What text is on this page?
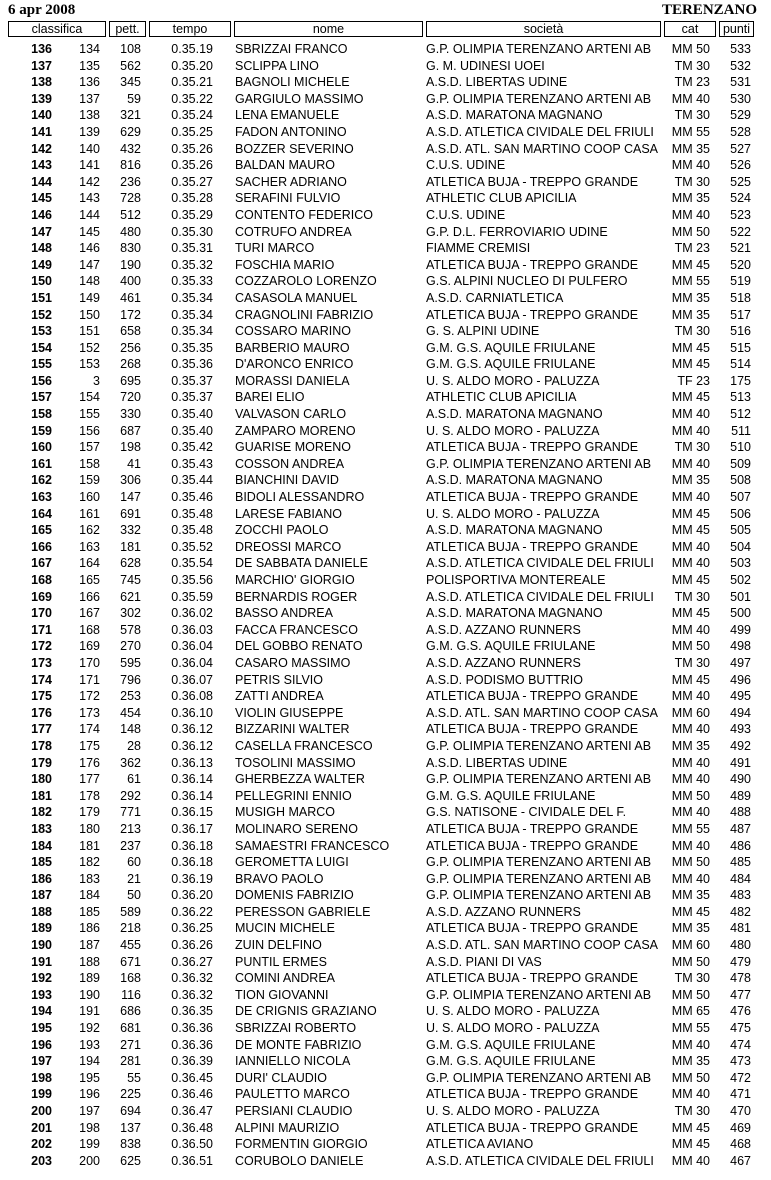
6 apr 2008	TERENZANO
classifica	pett.	tempo	nome	società	cat	punti
136	134	108	0.35.19 SBRIZZAI FRANCO	G.P. OLIMPIA TERENZANO ARTENI AB	MM 50	533
137	135	562	0.35.20 SCLIPPA LINO	G. M. UDINESI UOEI	TM 30	532
138	136	345	0.35.21 BAGNOLI MICHELE	A.S.D. LIBERTAS UDINE	TM 23	531
139	137	59	0.35.22 GARGIULO MASSIMO	G.P. OLIMPIA TERENZANO ARTENI AB	MM 40	530
140	138	321	0.35.24 LENA EMANUELE	A.S.D. MARATONA MAGNANO	TM 30	529
141	139	629	0.35.25 FADON ANTONINO	A.S.D. ATLETICA CIVIDALE DEL FRIULI	MM 55	528
142	140	432	0.35.26 BOZZER SEVERINO	A.S.D. ATL. SAN MARTINO COOP CASA	MM 35	527
143	141	816	0.35.26 BALDAN MAURO	C.U.S. UDINE	MM 40	526
144	142	236	0.35.27 SACHER ADRIANO	ATLETICA BUJA - TREPPO GRANDE	TM 30	525
145	143	728	0.35.28 SERAFINI FULVIO	ATHLETIC CLUB APICILIA	MM 35	524
146	144	512	0.35.29 CONTENTO FEDERICO	C.U.S. UDINE	MM 40	523
147	145	480	0.35.30 COTRUFO ANDREA	G.P. D.L. FERROVIARIO UDINE	MM 50	522
148	146	830	0.35.31 TURI MARCO	FIAMME CREMISI	TM 23	521
149	147	190	0.35.32 FOSCHIA MARIO	ATLETICA BUJA - TREPPO GRANDE	MM 45	520
150	148	400	0.35.33 COZZAROLO LORENZO	G.S. ALPINI NUCLEO DI PULFERO	MM 55	519
151	149	461	0.35.34 CASASOLA MANUEL	A.S.D. CARNIATLETICA	MM 35	518
152	150	172	0.35.34 CRAGNOLINI FABRIZIO	ATLETICA BUJA - TREPPO GRANDE	MM 35	517
153	151	658	0.35.34 COSSARO MARINO	G. S. ALPINI UDINE	TM 30	516
154	152	256	0.35.35 BARBERIO MAURO	G.M. G.S. AQUILE FRIULANE	MM 45	515
155	153	268	0.35.36 D'ARONCO ENRICO	G.M. G.S. AQUILE FRIULANE	MM 45	514
156	3	695	0.35.37 MORASSI DANIELA	U. S. ALDO MORO - PALUZZA	TF 23	175
157	154	720	0.35.37 BAREI ELIO	ATHLETIC CLUB APICILIA	MM 45	513
158	155	330	0.35.40 VALVASON CARLO	A.S.D. MARATONA MAGNANO	MM 40	512
159	156	687	0.35.40 ZAMPARO MORENO	U. S. ALDO MORO - PALUZZA	MM 40	511
160	157	198	0.35.42 GUARISE MORENO	ATLETICA BUJA - TREPPO GRANDE	TM 30	510
161	158	41	0.35.43 COSSON ANDREA	G.P. OLIMPIA TERENZANO ARTENI AB	MM 40	509
162	159	306	0.35.44 BIANCHINI DAVID	A.S.D. MARATONA MAGNANO	MM 35	508
163	160	147	0.35.46 BIDOLI ALESSANDRO	ATLETICA BUJA - TREPPO GRANDE	MM 40	507
164	161	691	0.35.48 LARESE FABIANO	U. S. ALDO MORO - PALUZZA	MM 45	506
165	162	332	0.35.48 ZOCCHI PAOLO	A.S.D. MARATONA MAGNANO	MM 45	505
166	163	181	0.35.52 DREOSSI MARCO	ATLETICA BUJA - TREPPO GRANDE	MM 40	504
167	164	628	0.35.54 DE SABBATA DANIELE	A.S.D. ATLETICA CIVIDALE DEL FRIULI	MM 40	503
168	165	745	0.35.56 MARCHIO' GIORGIO	POLISPORTIVA MONTEREALE	MM 45	502
169	166	621	0.35.59 BERNARDIS ROGER	A.S.D. ATLETICA CIVIDALE DEL FRIULI	TM 30	501
170	167	302	0.36.02 BASSO ANDREA	A.S.D. MARATONA MAGNANO	MM 45	500
171	168	578	0.36.03 FACCA FRANCESCO	A.S.D. AZZANO RUNNERS	MM 40	499
172	169	270	0.36.04 DEL GOBBO RENATO	G.M. G.S. AQUILE FRIULANE	MM 50	498
173	170	595	0.36.04 CASARO MASSIMO	A.S.D. AZZANO RUNNERS	TM 30	497
174	171	796	0.36.07 PETRIS SILVIO	A.S.D. PODISMO BUTTRIO	MM 45	496
175	172	253	0.36.08 ZATTI ANDREA	ATLETICA BUJA - TREPPO GRANDE	MM 40	495
176	173	454	0.36.10 VIOLIN GIUSEPPE	A.S.D. ATL. SAN MARTINO COOP CASA	MM 60	494
177	174	148	0.36.12 BIZZARINI WALTER	ATLETICA BUJA - TREPPO GRANDE	MM 40	493
178	175	28	0.36.12 CASELLA FRANCESCO	G.P. OLIMPIA TERENZANO ARTENI AB	MM 35	492
179	176	362	0.36.13 TOSOLINI MASSIMO	A.S.D. LIBERTAS UDINE	MM 40	491
180	177	61	0.36.14 GHERBEZZA WALTER	G.P. OLIMPIA TERENZANO ARTENI AB	MM 40	490
181	178	292	0.36.14 PELLEGRINI ENNIO	G.M. G.S. AQUILE FRIULANE	MM 50	489
182	179	771	0.36.15 MUSIGH MARCO	G.S. NATISONE - CIVIDALE DEL F.	MM 40	488
183	180	213	0.36.17 MOLINARO SERENO	ATLETICA BUJA - TREPPO GRANDE	MM 55	487
184	181	237	0.36.18 SAMAESTRI FRANCESCO	ATLETICA BUJA - TREPPO GRANDE	MM 40	486
185	182	60	0.36.18 GEROMETTA LUIGI	G.P. OLIMPIA TERENZANO ARTENI AB	MM 50	485
186	183	21	0.36.19 BRAVO PAOLO	G.P. OLIMPIA TERENZANO ARTENI AB	MM 40	484
187	184	50	0.36.20 DOMENIS FABRIZIO	G.P. OLIMPIA TERENZANO ARTENI AB	MM 35	483
188	185	589	0.36.22 PERESSON GABRIELE	A.S.D. AZZANO RUNNERS	MM 45	482
189	186	218	0.36.25 MUCIN MICHELE	ATLETICA BUJA - TREPPO GRANDE	MM 35	481
190	187	455	0.36.26 ZUIN DELFINO	A.S.D. ATL. SAN MARTINO COOP CASA	MM 60	480
191	188	671	0.36.27 PUNTIL ERMES	A.S.D. PIANI DI VAS	MM 50	479
192	189	168	0.36.32 COMINI ANDREA	ATLETICA BUJA - TREPPO GRANDE	TM 30	478
193	190	116	0.36.32 TION GIOVANNI	G.P. OLIMPIA TERENZANO ARTENI AB	MM 50	477
194	191	686	0.36.35 DE CRIGNIS GRAZIANO	U. S. ALDO MORO - PALUZZA	MM 65	476
195	192	681	0.36.36 SBRIZZAI ROBERTO	U. S. ALDO MORO - PALUZZA	MM 55	475
196	193	271	0.36.36 DE MONTE FABRIZIO	G.M. G.S. AQUILE FRIULANE	MM 40	474
197	194	281	0.36.39 IANNIELLO NICOLA	G.M. G.S. AQUILE FRIULANE	MM 35	473
198	195	55	0.36.45 DURI' CLAUDIO	G.P. OLIMPIA TERENZANO ARTENI AB	MM 50	472
199	196	225	0.36.46 PAULETTO MARCO	ATLETICA BUJA - TREPPO GRANDE	MM 40	471
200	197	694	0.36.47 PERSIANI CLAUDIO	U. S. ALDO MORO - PALUZZA	TM 30	470
201	198	137	0.36.48 ALPINI MAURIZIO	ATLETICA BUJA - TREPPO GRANDE	MM 45	469
202	199	838	0.36.50 FORMENTIN GIORGIO	ATLETICA AVIANO	MM 45	468
203	200	625	0.36.51 CORUBOLO DANIELE	A.S.D. ATLETICA CIVIDALE DEL FRIULI	MM 40	467
